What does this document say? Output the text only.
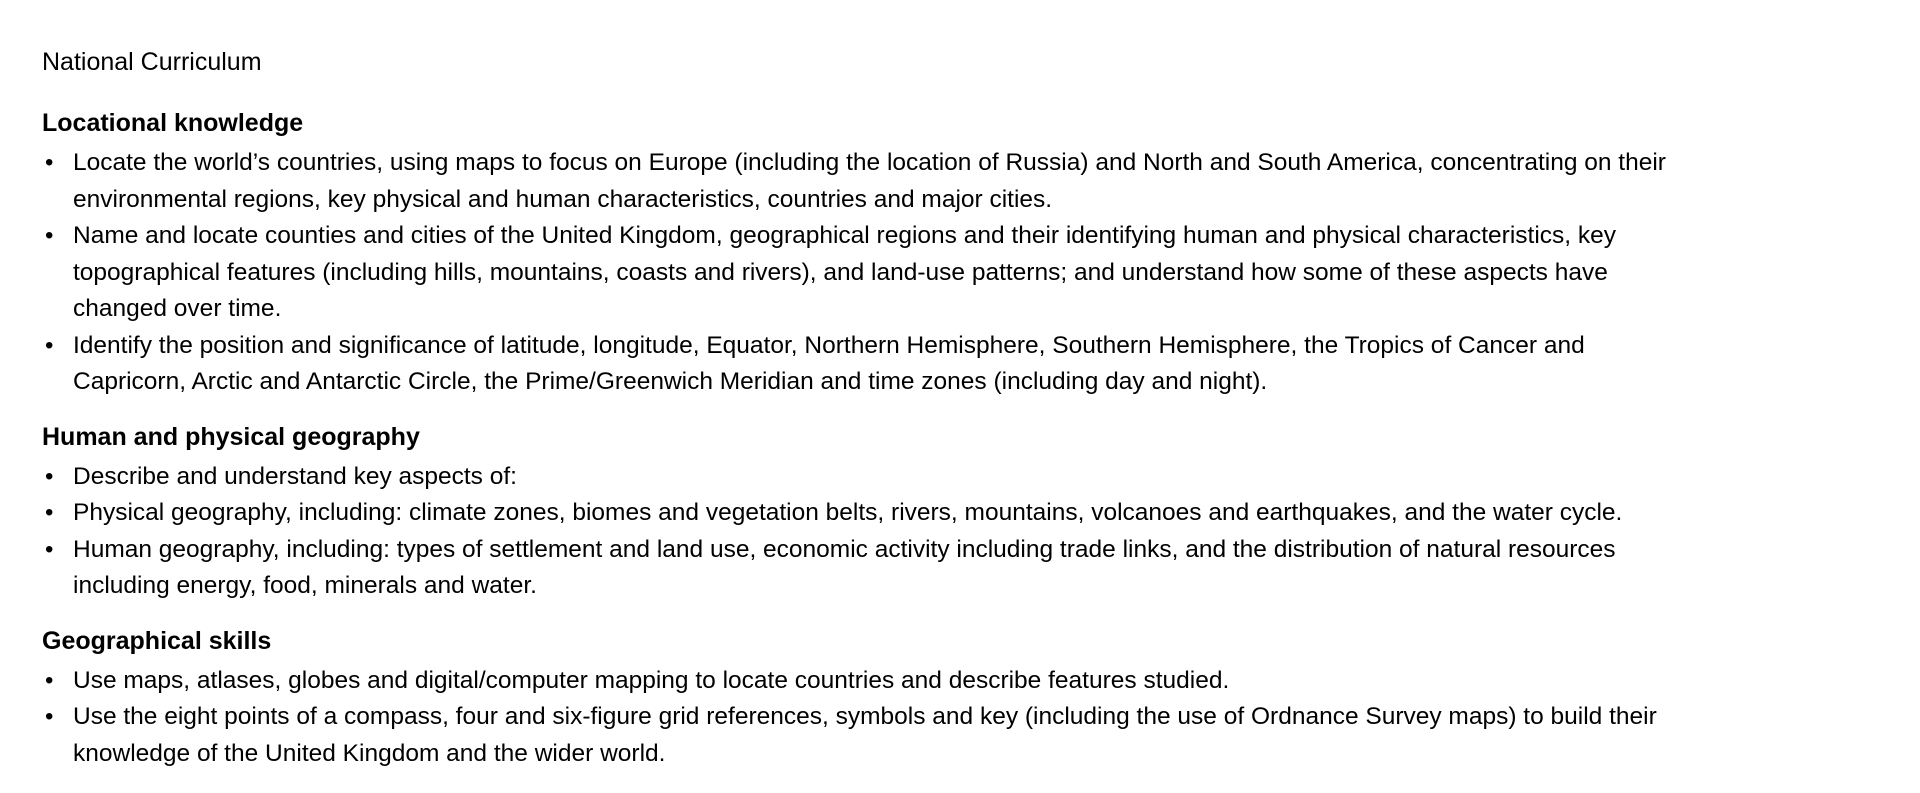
National Curriculum
Locational knowledge
• Locate the world’s countries, using maps to focus on Europe (including the location of Russia) and North and South America, concentrating on their
environmental regions, key physical and human characteristics, countries and major cities.
• Name and locate counties and cities of the United Kingdom, geographical regions and their identifying human and physical characteristics, key
topographical features (including hills, mountains, coasts and rivers), and land-use patterns; and understand how some of these aspects have
changed over time.
• Identify the position and significance of latitude, longitude, Equator, Northern Hemisphere, Southern Hemisphere, the Tropics of Cancer and
Capricorn, Arctic and Antarctic Circle, the Prime/Greenwich Meridian and time zones (including day and night).
Human and physical geography
• Describe and understand key aspects of:
• Physical geography, including: climate zones, biomes and vegetation belts, rivers, mountains, volcanoes and earthquakes, and the water cycle.
• Human geography, including: types of settlement and land use, economic activity including trade links, and the distribution of natural resources
including energy, food, minerals and water.
Geographical skills
• Use maps, atlases, globes and digital/computer mapping to locate countries and describe features studied.
• Use the eight points of a compass, four and six-figure grid references, symbols and key (including the use of Ordnance Survey maps) to build their
knowledge of the United Kingdom and the wider world.
